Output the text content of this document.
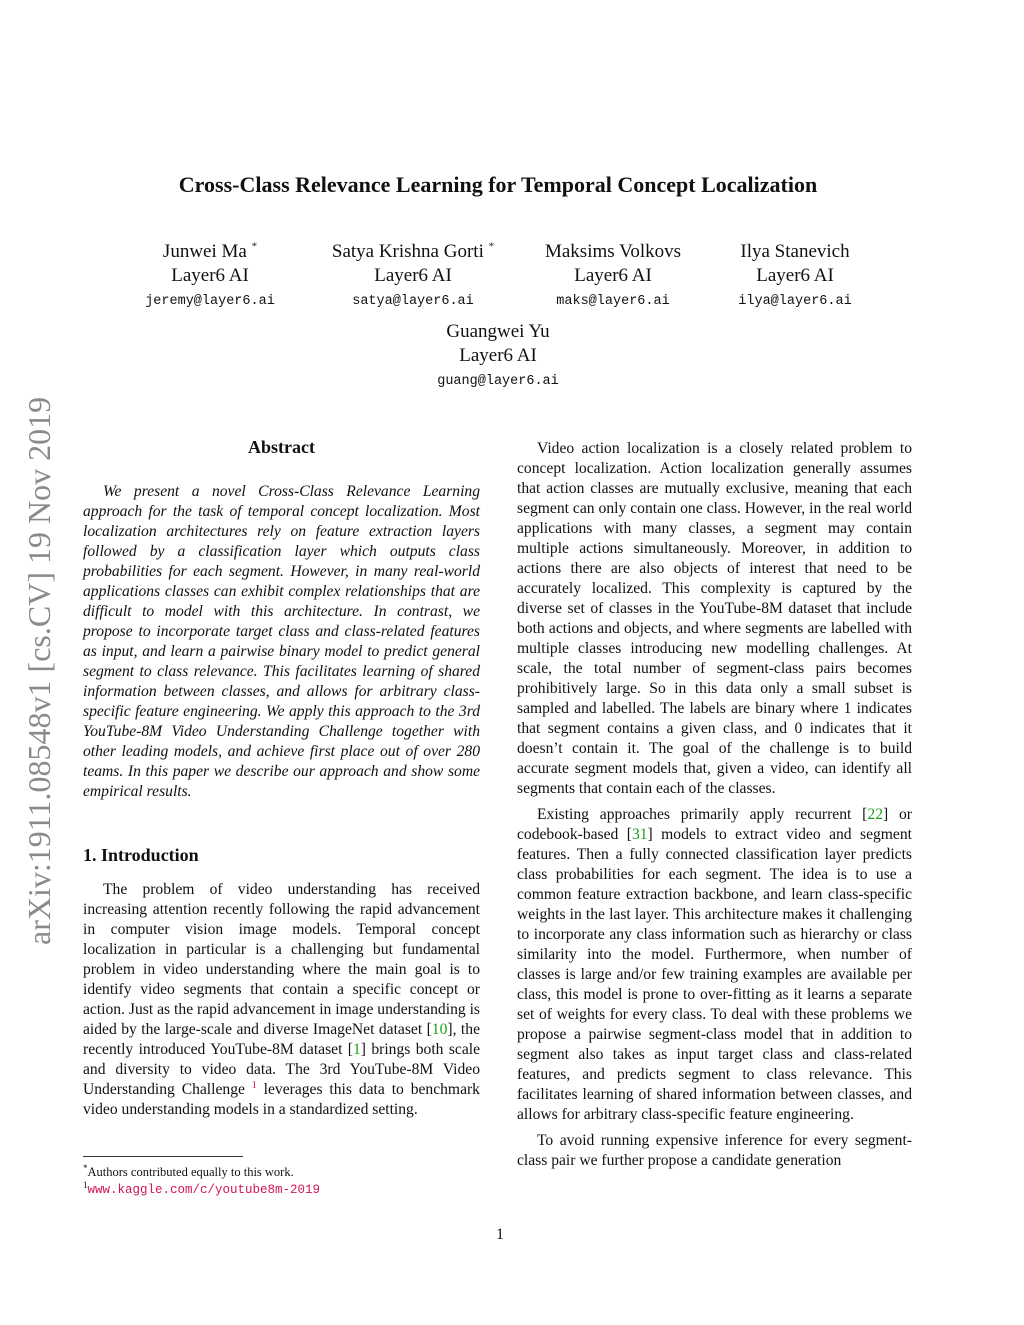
arXiv:1911.08548v1 [cs.CV] 19 Nov 2019
Cross-Class Relevance Learning for Temporal Concept Localization
Junwei Ma *
Layer6 AI
jeremy@layer6.ai
Satya Krishna Gorti *
Layer6 AI
satya@layer6.ai
Maksims Volkovs
Layer6 AI
maks@layer6.ai
Ilya Stanevich
Layer6 AI
ilya@layer6.ai
Guangwei Yu
Layer6 AI
guang@layer6.ai
Abstract

We present a novel Cross-Class Relevance Learning approach for the task of temporal concept localization. Most localization architectures rely on feature extraction layers followed by a classification layer which outputs class probabilities for each segment. However, in many real-world applications classes can exhibit complex relationships that are difficult to model with this architecture. In contrast, we propose to incorporate target class and class-related features as input, and learn a pairwise binary model to predict general segment to class relevance. This facilitates learning of shared information between classes, and allows for arbitrary class-specific feature engineering. We apply this approach to the 3rd YouTube-8M Video Understanding Challenge together with other leading models, and achieve first place out of over 280 teams. In this paper we describe our approach and show some empirical results.

1. Introduction

The problem of video understanding has received increasing attention recently following the rapid advancement in computer vision image models. Temporal concept localization in particular is a challenging but fundamental problem in video understanding where the main goal is to identify video segments that contain a specific concept or action. Just as the rapid advancement in image understanding is aided by the large-scale and diverse ImageNet dataset [10], the recently introduced YouTube-8M dataset [1] brings both scale and diversity to video data. The 3rd YouTube-8M Video Understanding Challenge $^1$ leverages this data to benchmark video understanding models in a standardized setting.

Video action localization is a closely related problem to concept localization. Action localization generally assumes that action classes are mutually exclusive, meaning that each segment can only contain one class. However, in the real world applications with many classes, a segment may contain multiple actions simultaneously. Moreover, in addition to actions there are also objects of interest that need to be accurately localized. This complexity is captured by the diverse set of classes in the YouTube-8M dataset that include both actions and objects, and where segments are labelled with multiple classes introducing new modelling challenges. At scale, the total number of segment-class pairs becomes prohibitively large. So in this data only a small subset is sampled and labelled. The labels are binary where 1 indicates that segment contains a given class, and 0 indicates that it doesn’t contain it. The goal of the challenge is to build accurate segment models that, given a video, can identify all segments that contain each of the classes.

Existing approaches primarily apply recurrent [22] or codebook-based [31] models to extract video and segment features. Then a fully connected classification layer predicts class probabilities for each segment. The idea is to use a common feature extraction backbone, and learn class-specific weights in the last layer. This architecture makes it challenging to incorporate any class information such as hierarchy or class similarity into the model. Furthermore, when number of classes is large and/or few training examples are available per class, this model is prone to over-fitting as it learns a separate set of weights for every class. To deal with these problems we propose a pairwise segment-class model that in addition to segment also takes as input target class and class-related features, and predicts segment to class relevance. This facilitates learning of shared information between classes, and allows for arbitrary class-specific feature engineering.

To avoid running expensive inference for every segment-class pair we further propose a candidate generation

*Authors contributed equally to this work.
$^1$www.kaggle.com/c/youtube8m-2019
1
